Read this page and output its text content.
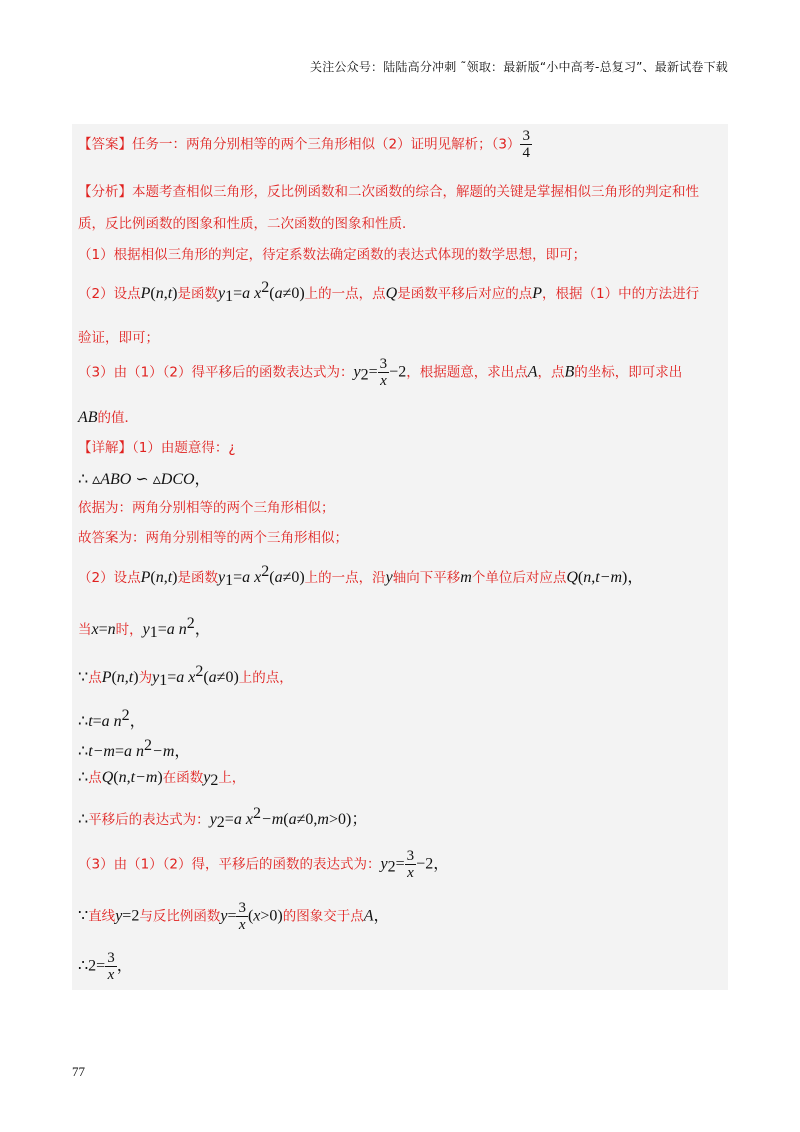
关注公众号：陆陆高分冲刺 ˜领取：最新版“小中高考-总复习”、最新试卷下载
【答案】任务一：两角分别相等的两个三角形相似（2）证明见解析；$(3) \frac{3}{4}$
【分析】本题考查相似三角形，反比例函数和二次函数的综合，解题的关键是掌握相似三角形的判定和性
质，反比例函数的图象和性质，二次函数的图象和性质．
（1）根据相似三角形的判定，待定系数法确定函数的表达式体现的数学思想，即可；
（2）设点P(n,t)是函数$y_1=a$ $x^2(a\ne 0)$上的一点，点Q是函数平移后对应的点P，根据（1）中的方法进行
验证，即可；
（3）由（1）（2）得平移后的函数表达式为：$y_2= \frac{3}{x} -2$，根据题意，求出点A，点B的坐标，即可求出
AB的值．
【详解】（1）由题意得：¿
∴ ▵ABO ∽ ▵DCO，
依据为：两角分别相等的两个三角形相似；
故答案为：两角分别相等的两个三角形相似；
（2）设点P(n,t)是函数$y_1=a$ $x^2(a\ne 0)$上的一点，沿y轴向下平移m个单位后对应点Q(n,t−m)，
当x=n时，$y_1=a$ $n^2$，
∵点P(n,t)为$y_1=a$ $x^2(a\ne 0)$上的点，
∴t=a $n^2$，
∴t−m=a $n^2-m$，
∴点Q(n,t−m)在函数$y_2$上，
∴平移后的表达式为：$y_2=a$ $x^2-m(a\ne 0,m>0)$；
（3）由（1）（2）得，平移后的函数的表达式为：$y_2= \frac{3}{x} -2$，
∵直线y=2与反比例函数$y= \frac{3}{x} (x>0)$的图象交于点A，
∴2= $\frac{3}{x}$ ，
77
